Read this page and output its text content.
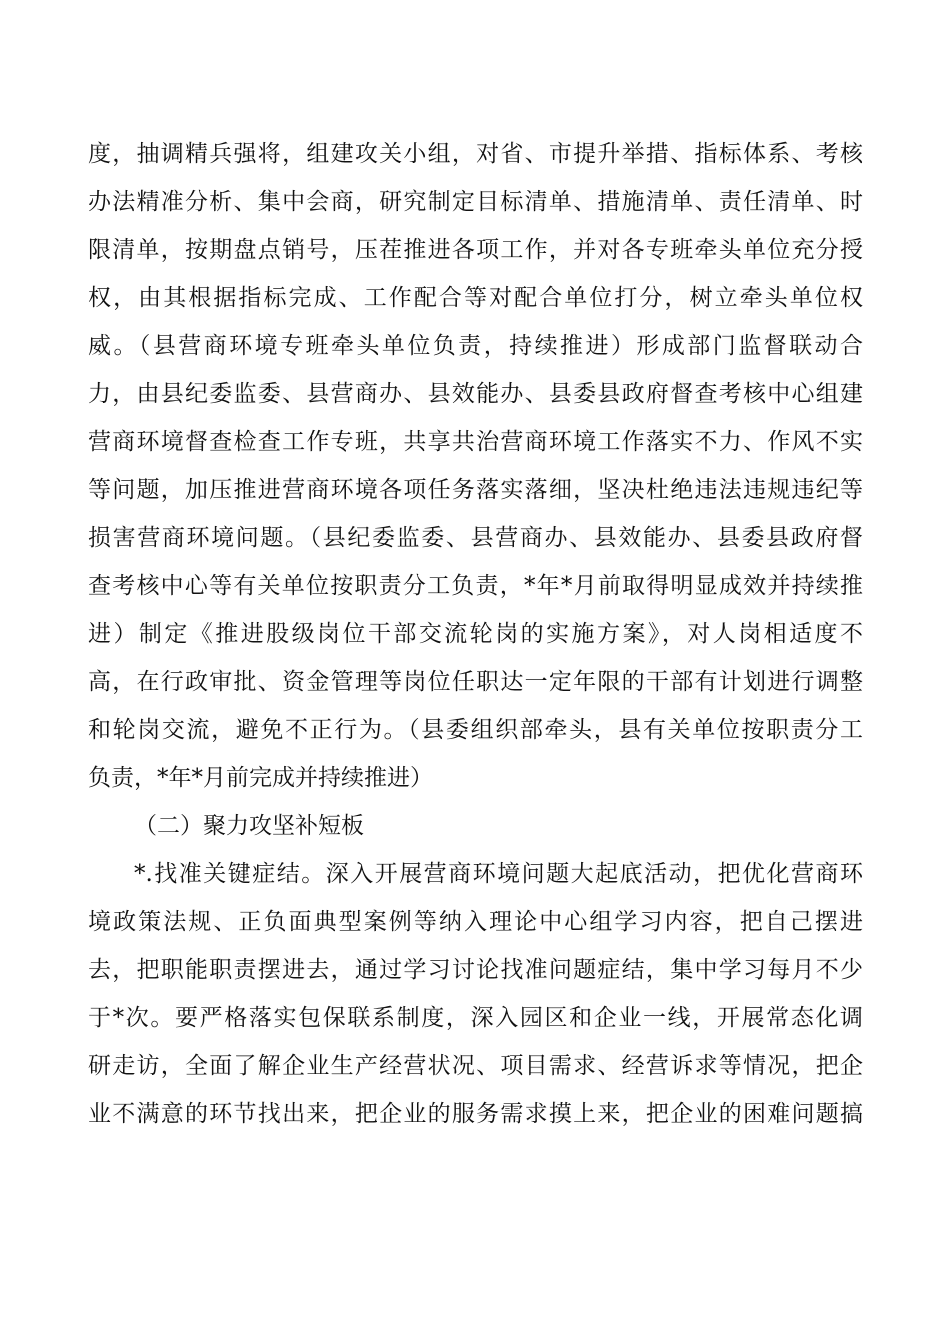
度，抽调精兵强将，组建攻关小组，对省、市提升举措、指标体系、考核
办法精准分析、集中会商，研究制定目标清单、措施清单、责任清单、时
限清单，按期盘点销号，压茬推进各项工作，并对各专班牵头单位充分授
权，由其根据指标完成、工作配合等对配合单位打分，树立牵头单位权
威。（县营商环境专班牵头单位负责，持续推进）形成部门监督联动合
力，由县纪委监委、县营商办、县效能办、县委县政府督查考核中心组建
营商环境督查检查工作专班，共享共治营商环境工作落实不力、作风不实
等问题，加压推进营商环境各项任务落实落细，坚决杜绝违法违规违纪等
损害营商环境问题。（县纪委监委、县营商办、县效能办、县委县政府督
查考核中心等有关单位按职责分工负责，*年*月前取得明显成效并持续推
进）制定《推进股级岗位干部交流轮岗的实施方案》，对人岗相适度不
高，在行政审批、资金管理等岗位任职达一定年限的干部有计划进行调整
和轮岗交流，避免不正行为。（县委组织部牵头，县有关单位按职责分工
负责，*年*月前完成并持续推进）
（二）聚力攻坚补短板
*.找准关键症结。深入开展营商环境问题大起底活动，把优化营商环
境政策法规、正负面典型案例等纳入理论中心组学习内容，把自己摆进
去，把职能职责摆进去，通过学习讨论找准问题症结，集中学习每月不少
于*次。要严格落实包保联系制度，深入园区和企业一线，开展常态化调
研走访，全面了解企业生产经营状况、项目需求、经营诉求等情况，把企
业不满意的环节找出来，把企业的服务需求摸上来，把企业的困难问题搞
